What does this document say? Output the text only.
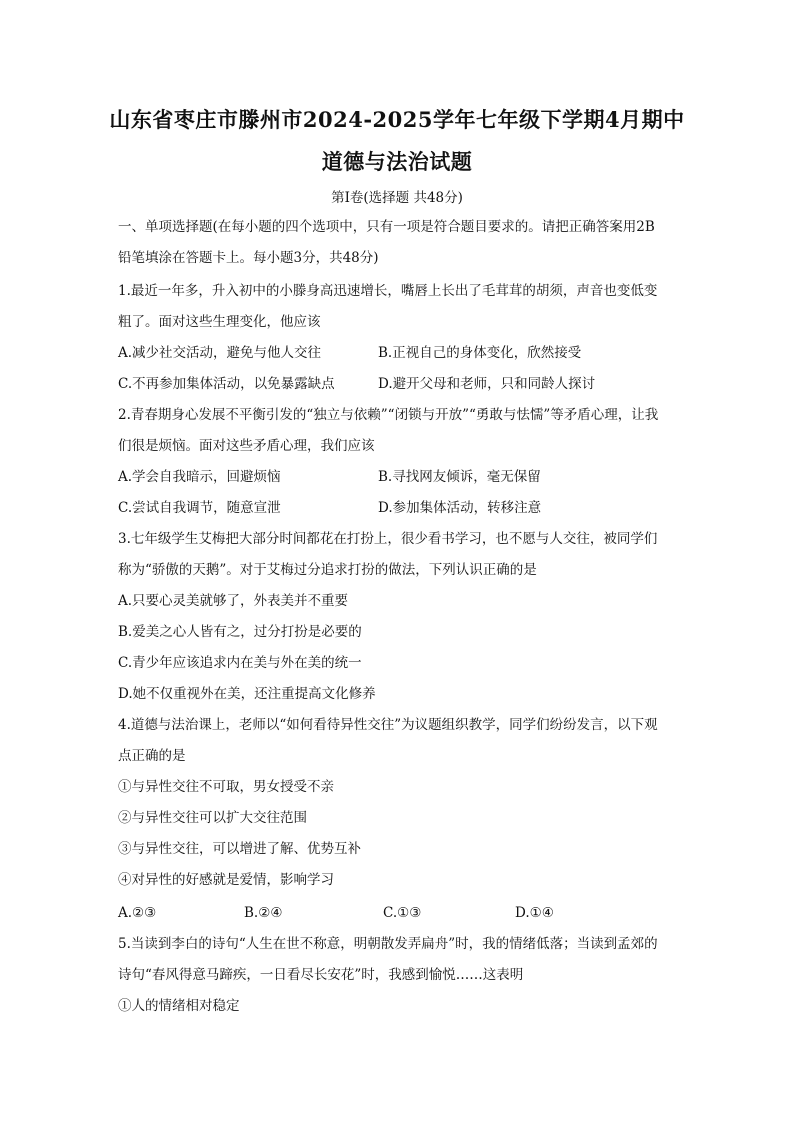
山东省枣庄市滕州市2024-2025学年七年级下学期4月期中
道德与法治试题
第Ⅰ卷(选择题 共48分)
一、单项选择题(在每小题的四个选项中，只有一项是符合题目要求的。请把正确答案用2B
铅笔填涂在答题卡上。每小题3分，共48分)
1.最近一年多，升入初中的小滕身高迅速增长，嘴唇上长出了毛茸茸的胡须，声音也变低变
粗了。面对这些生理变化，他应该
A.减少社交活动，避免与他人交往	B.正视自己的身体变化，欣然接受
C.不再参加集体活动，以免暴露缺点	D.避开父母和老师，只和同龄人探讨
2.青春期身心发展不平衡引发的“独立与依赖”“闭锁与开放”“勇敢与怯懦”等矛盾心理，让我
们很是烦恼。面对这些矛盾心理，我们应该
A.学会自我暗示，回避烦恼	B.寻找网友倾诉，毫无保留
C.尝试自我调节，随意宣泄	D.参加集体活动，转移注意
3.七年级学生艾梅把大部分时间都花在打扮上，很少看书学习，也不愿与人交往，被同学们
称为“骄傲的天鹅”。对于艾梅过分追求打扮的做法，下列认识正确的是
A.只要心灵美就够了，外表美并不重要
B.爱美之心人皆有之，过分打扮是必要的
C.青少年应该追求内在美与外在美的统一
D.她不仅重视外在美，还注重提高文化修养
4.道德与法治课上，老师以“如何看待异性交往”为议题组织教学，同学们纷纷发言，以下观
点正确的是
①与异性交往不可取，男女授受不亲
②与异性交往可以扩大交往范围
③与异性交往，可以增进了解、优势互补
④对异性的好感就是爱情，影响学习
A.②③	B.②④	C.①③	D.①④
5.当读到李白的诗句“人生在世不称意，明朝散发弄扁舟”时，我的情绪低落；当读到孟郊的
诗句“春风得意马蹄疾，一日看尽长安花”时，我感到愉悦……这表明
①人的情绪相对稳定
